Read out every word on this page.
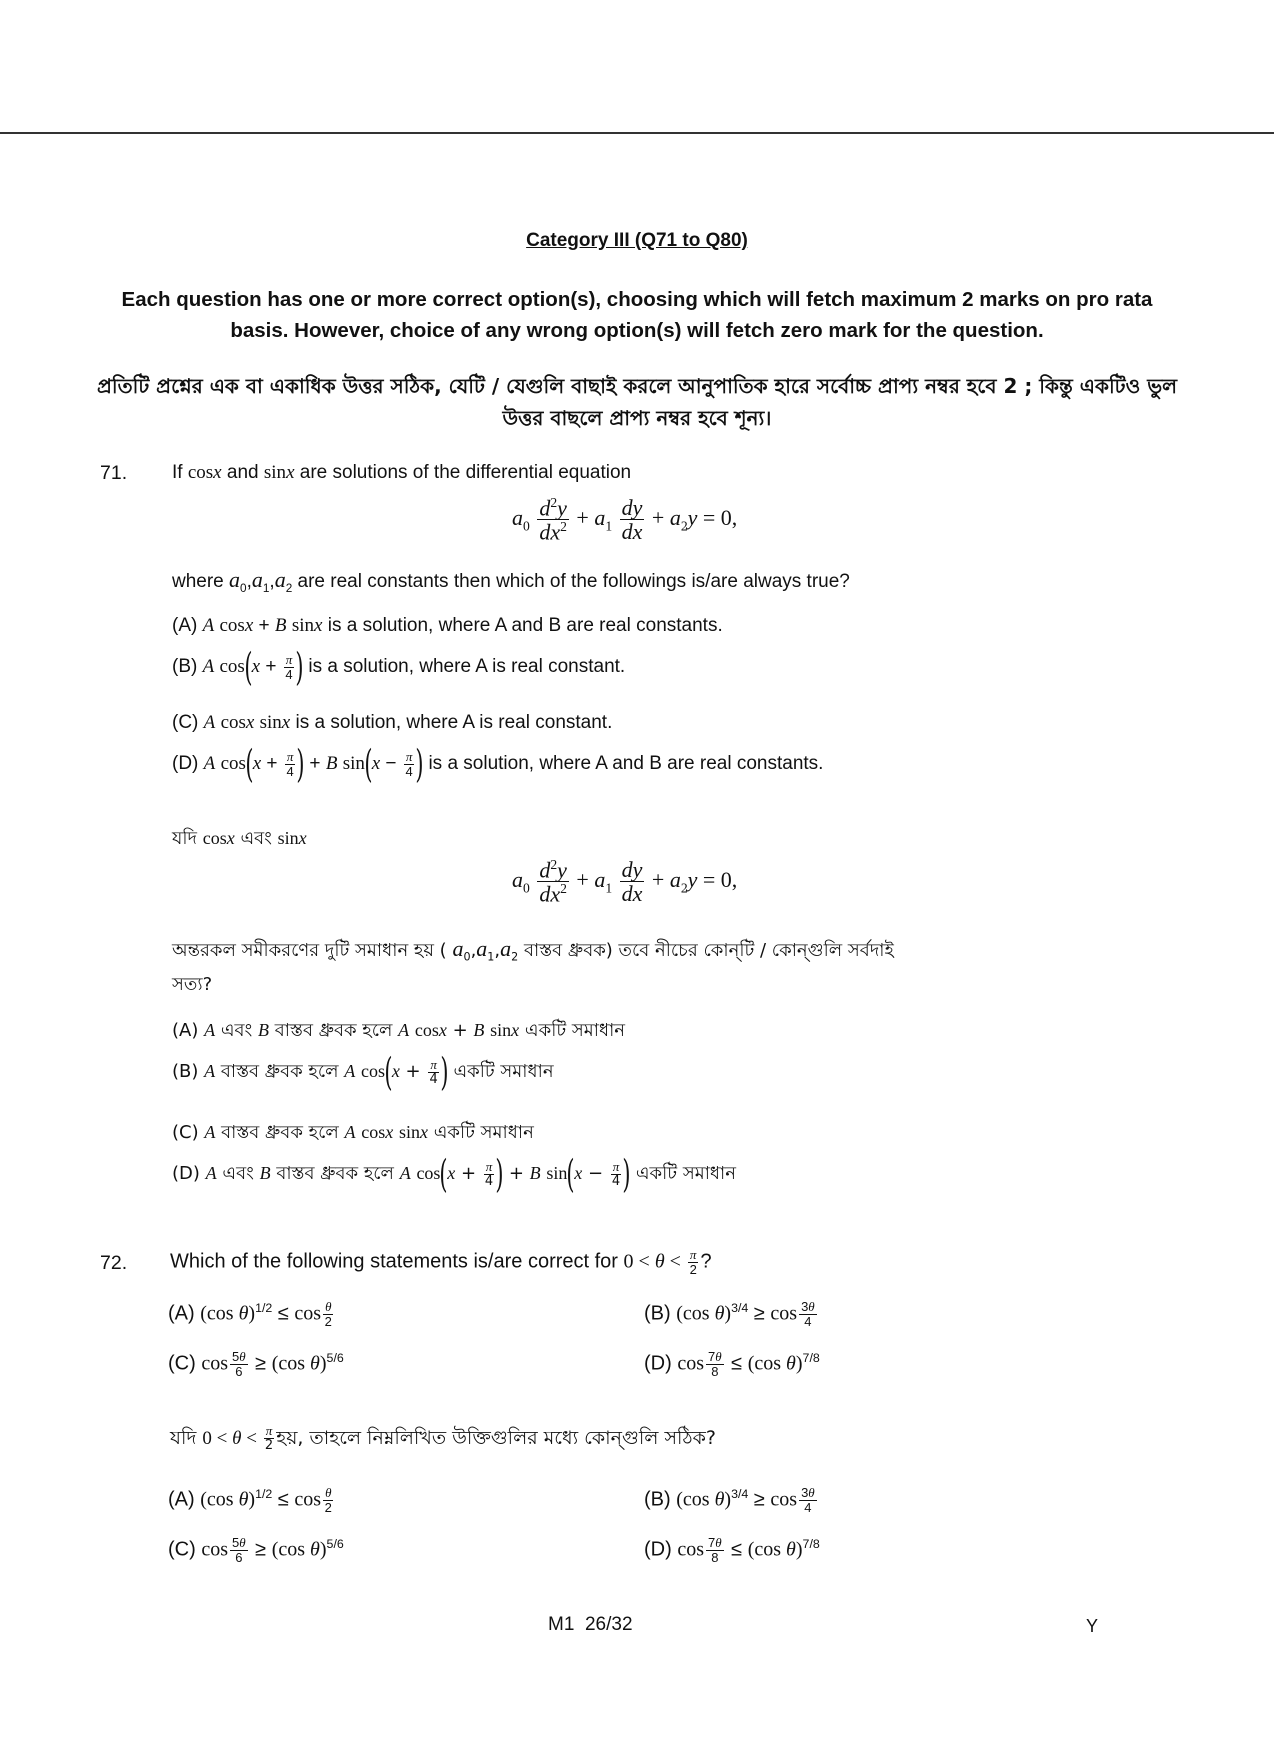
Category III (Q71 to Q80)
Each question has one or more correct option(s), choosing which will fetch maximum 2 marks on pro rata basis. However, choice of any wrong option(s) will fetch zero mark for the question.
প্রতিটি প্রশ্নের এক বা একাধিক উত্তর সঠিক, যেটি / যেগুলি বাছাই করলে আনুপাতিক হারে সর্বোচ্চ প্রাপ্য নম্বর হবে 2 ; কিন্তু একটিও ভুল উত্তর বাছলে প্রাপ্য নম্বর হবে শূন্য।
71. If cosx and sinx are solutions of the differential equation
$a_0 \frac{d^2y}{dx^2} + a_1 \frac{dy}{dx} + a_2y = 0$,
where $a_0,a_1,a_2$ are real constants then which of the followings is/are always true?
(A) A cosx + B sinx is a solution, where A and B are real constants.
(B) A $\cos(x + \frac{\pi}{4}$ ) is a solution, where A is real constant.
(C) A cosx sinx is a solution, where A is real constant.
(D) A $\cos(x + \frac{\pi}{4}$ ) + B $\sin(x - \frac{\pi}{4}$ ) is a solution, where A and B are real constants.
যদি cosx এবং sinx
$a_0 \frac{d^2y}{dx^2} + a_1 \frac{dy}{dx} + a_2y = 0$,
অন্তরকল সমীকরণের দুটি সমাধান হয় ( $a_0,a_1,a_2$ বাস্তব ধ্রুবক) তবে নীচের কোন্‌টি / কোন্‌গুলি সর্বদাই
সত্য?
(A) A এবং B বাস্তব ধ্রুবক হলে A cosx + B sinx একটি সমাধান
(B) A বাস্তব ধ্রুবক হলে A $\cos(x + \frac{\pi}{4}$ ) একটি সমাধান
(C) A বাস্তব ধ্রুবক হলে A cosx sinx একটি সমাধান
(D) A এবং B বাস্তব ধ্রুবক হলে A $\cos(x + \frac{\pi}{4}$ ) + B $\sin(x - \frac{\pi}{4}$ ) একটি সমাধান
72. Which of the following statements is/are correct for $0 < \theta < \frac{\pi}{2}$ ?
(A) (cos $\theta)^{1/2} \le \cos \frac{\theta}{2}$	(B) (cos $\theta)^{3/4} \ge \cos \frac{3\theta}{4}$
(C) $\cos \frac{5\theta}{6} \ge (\cos$ θ)$^{5/6}$	(D) $\cos \frac{7\theta}{8} \le (\cos$ θ)$^{7/8}$
যদি $0 < \theta < \frac{\pi}{2}$ হয়, তাহলে নিম্নলিখিত উক্তিগুলির মধ্যে কোন্‌গুলি সঠিক?
(A) (cos $\theta)^{1/2} \le \cos \frac{\theta}{2}$	(B) (cos $\theta)^{3/4} \ge \cos \frac{3\theta}{4}$
(C) $\cos \frac{5\theta}{6} \ge (\cos$ θ)$^{5/6}$	(D) $\cos \frac{7\theta}{8} \le (\cos$ θ)$^{7/8}$
M1 26/32	Y
